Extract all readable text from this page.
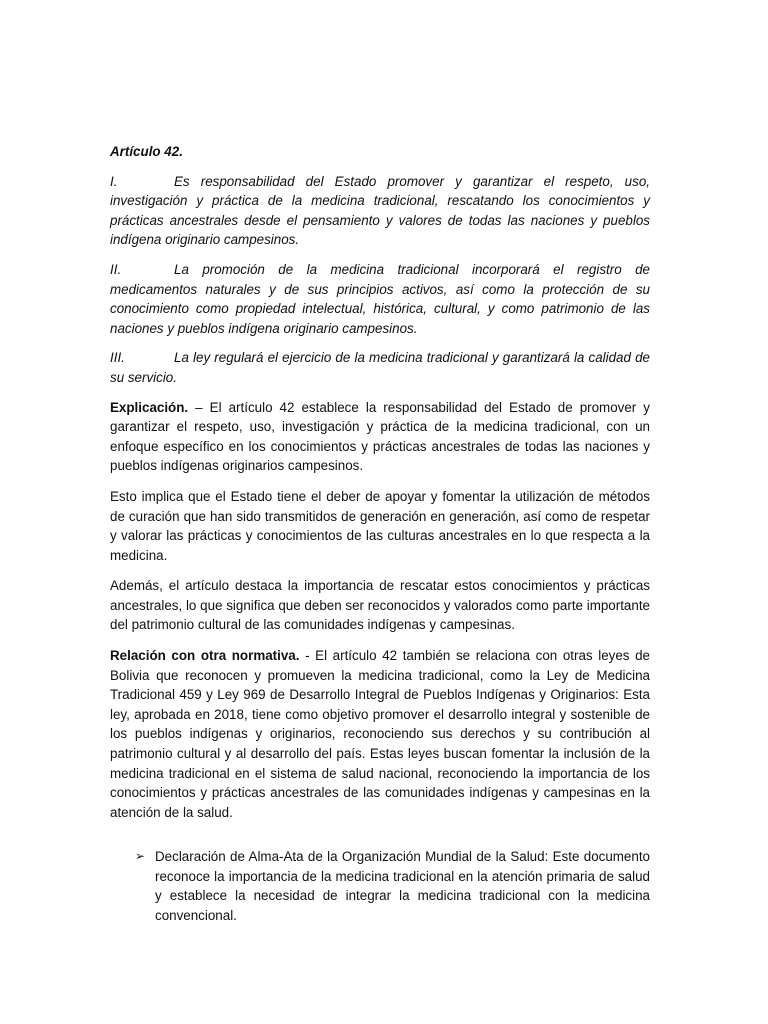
Artículo 42.

I.	Es responsabilidad del Estado promover y garantizar el respeto, uso, investigación y práctica de la medicina tradicional, rescatando los conocimientos y prácticas ancestrales desde el pensamiento y valores de todas las naciones y pueblos indígena originario campesinos.

II.	La promoción de la medicina tradicional incorporará el registro de medicamentos naturales y de sus principios activos, así como la protección de su conocimiento como propiedad intelectual, histórica, cultural, y como patrimonio de las naciones y pueblos indígena originario campesinos.

III.	La ley regulará el ejercicio de la medicina tradicional y garantizará la calidad de su servicio.

Explicación. – El artículo 42 establece la responsabilidad del Estado de promover y garantizar el respeto, uso, investigación y práctica de la medicina tradicional, con un enfoque específico en los conocimientos y prácticas ancestrales de todas las naciones y pueblos indígenas originarios campesinos.

Esto implica que el Estado tiene el deber de apoyar y fomentar la utilización de métodos de curación que han sido transmitidos de generación en generación, así como de respetar y valorar las prácticas y conocimientos de las culturas ancestrales en lo que respecta a la medicina.

Además, el artículo destaca la importancia de rescatar estos conocimientos y prácticas ancestrales, lo que significa que deben ser reconocidos y valorados como parte importante del patrimonio cultural de las comunidades indígenas y campesinas.

Relación con otra normativa. - El artículo 42 también se relaciona con otras leyes de Bolivia que reconocen y promueven la medicina tradicional, como la Ley de Medicina Tradicional 459 y Ley 969 de Desarrollo Integral de Pueblos Indígenas y Originarios: Esta ley, aprobada en 2018, tiene como objetivo promover el desarrollo integral y sostenible de los pueblos indígenas y originarios, reconociendo sus derechos y su contribución al patrimonio cultural y al desarrollo del país. Estas leyes buscan fomentar la inclusión de la medicina tradicional en el sistema de salud nacional, reconociendo la importancia de los conocimientos y prácticas ancestrales de las comunidades indígenas y campesinas en la atención de la salud.

➢ Declaración de Alma-Ata de la Organización Mundial de la Salud: Este documento reconoce la importancia de la medicina tradicional en la atención primaria de salud y establece la necesidad de integrar la medicina tradicional con la medicina convencional.
